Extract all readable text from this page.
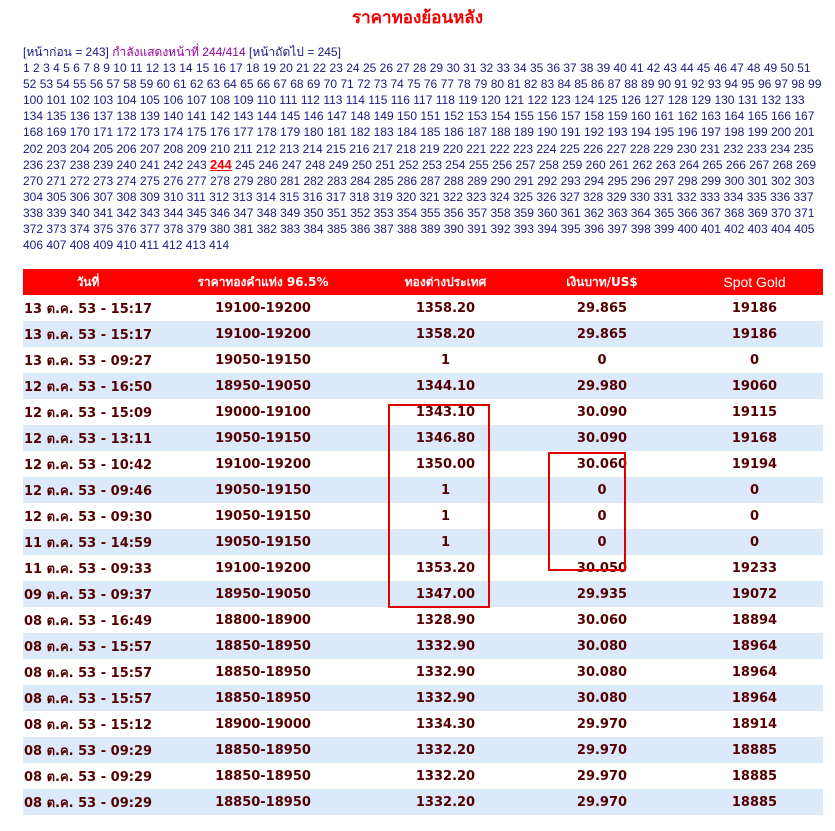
ราคาทองย้อนหลัง
[หน้าก่อน = 243] กำลังแสดงหน้าที่ 244/414 [หน้าถัดไป = 245]
1 2 3 4 5 6 7 8 9 10 11 12 13 14 15 16 17 18 19 20 21 22 23 24 25 26 27 28 29 30 31 32 33 34 35 36 37 38 39 40 41 42 43 44 45 46 47 48 49 50 51 52 53 54 55 56 57 58 59 60 61 62 63 64 65 66 67 68 69 70 71 72 73 74 75 76 77 78 79 80 81 82 83 84 85 86 87 88 89 90 91 92 93 94 95 96 97 98 99 100 101 102 103 104 105 106 107 108 109 110 111 112 113 114 115 116 117 118 119 120 121 122 123 124 125 126 127 128 129 130 131 132 133 134 135 136 137 138 139 140 141 142 143 144 145 146 147 148 149 150 151 152 153 154 155 156 157 158 159 160 161 162 163 164 165 166 167 168 169 170 171 172 173 174 175 176 177 178 179 180 181 182 183 184 185 186 187 188 189 190 191 192 193 194 195 196 197 198 199 200 201 202 203 204 205 206 207 208 209 210 211 212 213 214 215 216 217 218 219 220 221 222 223 224 225 226 227 228 229 230 231 232 233 234 235 236 237 238 239 240 241 242 243 244 245 246 247 248 249 250 251 252 253 254 255 256 257 258 259 260 261 262 263 264 265 266 267 268 269 270 271 272 273 274 275 276 277 278 279 280 281 282 283 284 285 286 287 288 289 290 291 292 293 294 295 296 297 298 299 300 301 302 303 304 305 306 307 308 309 310 311 312 313 314 315 316 317 318 319 320 321 322 323 324 325 326 327 328 329 330 331 332 333 334 335 336 337 338 339 340 341 342 343 344 345 346 347 348 349 350 351 352 353 354 355 356 357 358 359 360 361 362 363 364 365 366 367 368 369 370 371 372 373 374 375 376 377 378 379 380 381 382 383 384 385 386 387 388 389 390 391 392 393 394 395 396 397 398 399 400 401 402 403 404 405 406 407 408 409 410 411 412 413 414
วันที่	ราคาทองคำแท่ง 96.5%	ทองต่างประเทศ	เงินบาท/US$	Spot Gold
13 ต.ค. 53 - 15:17	19100-19200	1358.20	29.865	19186
13 ต.ค. 53 - 15:17	19100-19200	1358.20	29.865	19186
13 ต.ค. 53 - 09:27	19050-19150	1	0	0
12 ต.ค. 53 - 16:50	18950-19050	1344.10	29.980	19060
12 ต.ค. 53 - 15:09	19000-19100	1343.10	30.090	19115
12 ต.ค. 53 - 13:11	19050-19150	1346.80	30.090	19168
12 ต.ค. 53 - 10:42	19100-19200	1350.00	30.060	19194
12 ต.ค. 53 - 09:46	19050-19150	1	0	0
12 ต.ค. 53 - 09:30	19050-19150	1	0	0
11 ต.ค. 53 - 14:59	19050-19150	1	0	0
11 ต.ค. 53 - 09:33	19100-19200	1353.20	30.050	19233
09 ต.ค. 53 - 09:37	18950-19050	1347.00	29.935	19072
08 ต.ค. 53 - 16:49	18800-18900	1328.90	30.060	18894
08 ต.ค. 53 - 15:57	18850-18950	1332.90	30.080	18964
08 ต.ค. 53 - 15:57	18850-18950	1332.90	30.080	18964
08 ต.ค. 53 - 15:57	18850-18950	1332.90	30.080	18964
08 ต.ค. 53 - 15:12	18900-19000	1334.30	29.970	18914
08 ต.ค. 53 - 09:29	18850-18950	1332.20	29.970	18885
08 ต.ค. 53 - 09:29	18850-18950	1332.20	29.970	18885
08 ต.ค. 53 - 09:29	18850-18950	1332.20	29.970	18885
